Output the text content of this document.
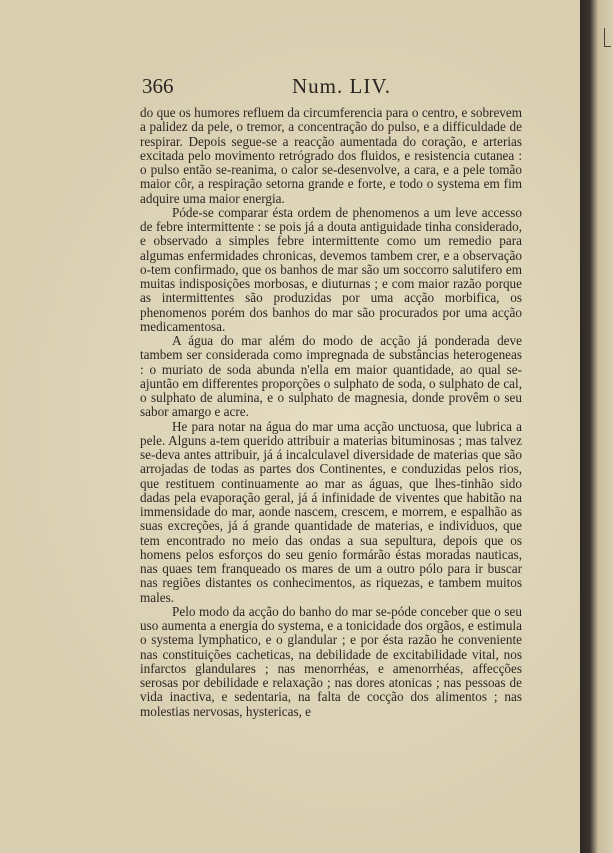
366	Num. LIV.

do que os humores refluem da circumferencia para o centro, e sobrevem a palidez da pele, o tremor, a concentração do pulso, e a difficuldade de respirar. Depois segue-se a reacção aumentada do coração, e arterias excitada pelo movimento retrógrado dos fluidos, e resistencia cutanea : o pulso então se-reanima, o calor se-desenvolve, a cara, e a pele tomão maior côr, a respiração setorna grande e forte, e todo o systema em fim adquire uma maior energia.

Póde-se comparar ésta ordem de phenomenos a um leve accesso de febre intermittente : se pois já a douta antiguidade tinha considerado, e observado a simples febre intermittente como um remedio para algumas enfermidades chronicas, devemos tambem crer, e a observação o-tem confirmado, que os banhos de mar são um soccorro salutifero em muitas indisposições morbosas, e diuturnas ; e com maior razão porque as intermittentes são produzidas por uma acção morbifica, os phenomenos porém dos banhos do mar são procurados por uma acção medicamentosa.

A água do mar além do modo de acção já ponderada deve tambem ser considerada como impregnada de substâncias heterogeneas : o muriato de soda abunda n'ella em maior quantidade, ao qual se-ajuntão em differentes proporções o sulphato de soda, o sulphato de cal, o sulphato de alumina, e o sulphato de magnesia, donde provêm o seu sabor amargo e acre.

He para notar na água do mar uma acção unctuosa, que lubrica a pele. Alguns a-tem querido attribuir a materias bituminosas ; mas talvez se-deva antes attribuir, já á incalculavel diversidade de materias que são arrojadas de todas as partes dos Continentes, e conduzidas pelos rios, que restituem continuamente ao mar as águas, que lhes-tinhão sido dadas pela evaporação geral, já á infinidade de viventes que habitão na immensidade do mar, aonde nascem, crescem, e morrem, e espalhão as suas excreções, já á grande quantidade de materias, e individuos, que tem encontrado no meio das ondas a sua sepultura, depois que os homens pelos esforços do seu genio formárão éstas moradas nauticas, nas quaes tem franqueado os mares de um a outro pólo para ir buscar nas regiões distantes os conhecimentos, as riquezas, e tambem muitos males.

Pelo modo da acção do banho do mar se-póde conceber que o seu uso aumenta a energia do systema, e a tonicidade dos orgãos, e estimula o systema lymphatico, e o glandular ; e por ésta razão he conveniente nas constituições cacheticas, na debilidade de excitabilidade vital, nos infarctos glandulares ; nas menorrhéas, e amenorrhéas, affecções serosas por debilidade e relaxação ; nas dores atonicas ; nas pessoas de vida inactiva, e sedentaria, na falta de cocção dos alimentos ; nas molestias nervosas, hystericas, e
